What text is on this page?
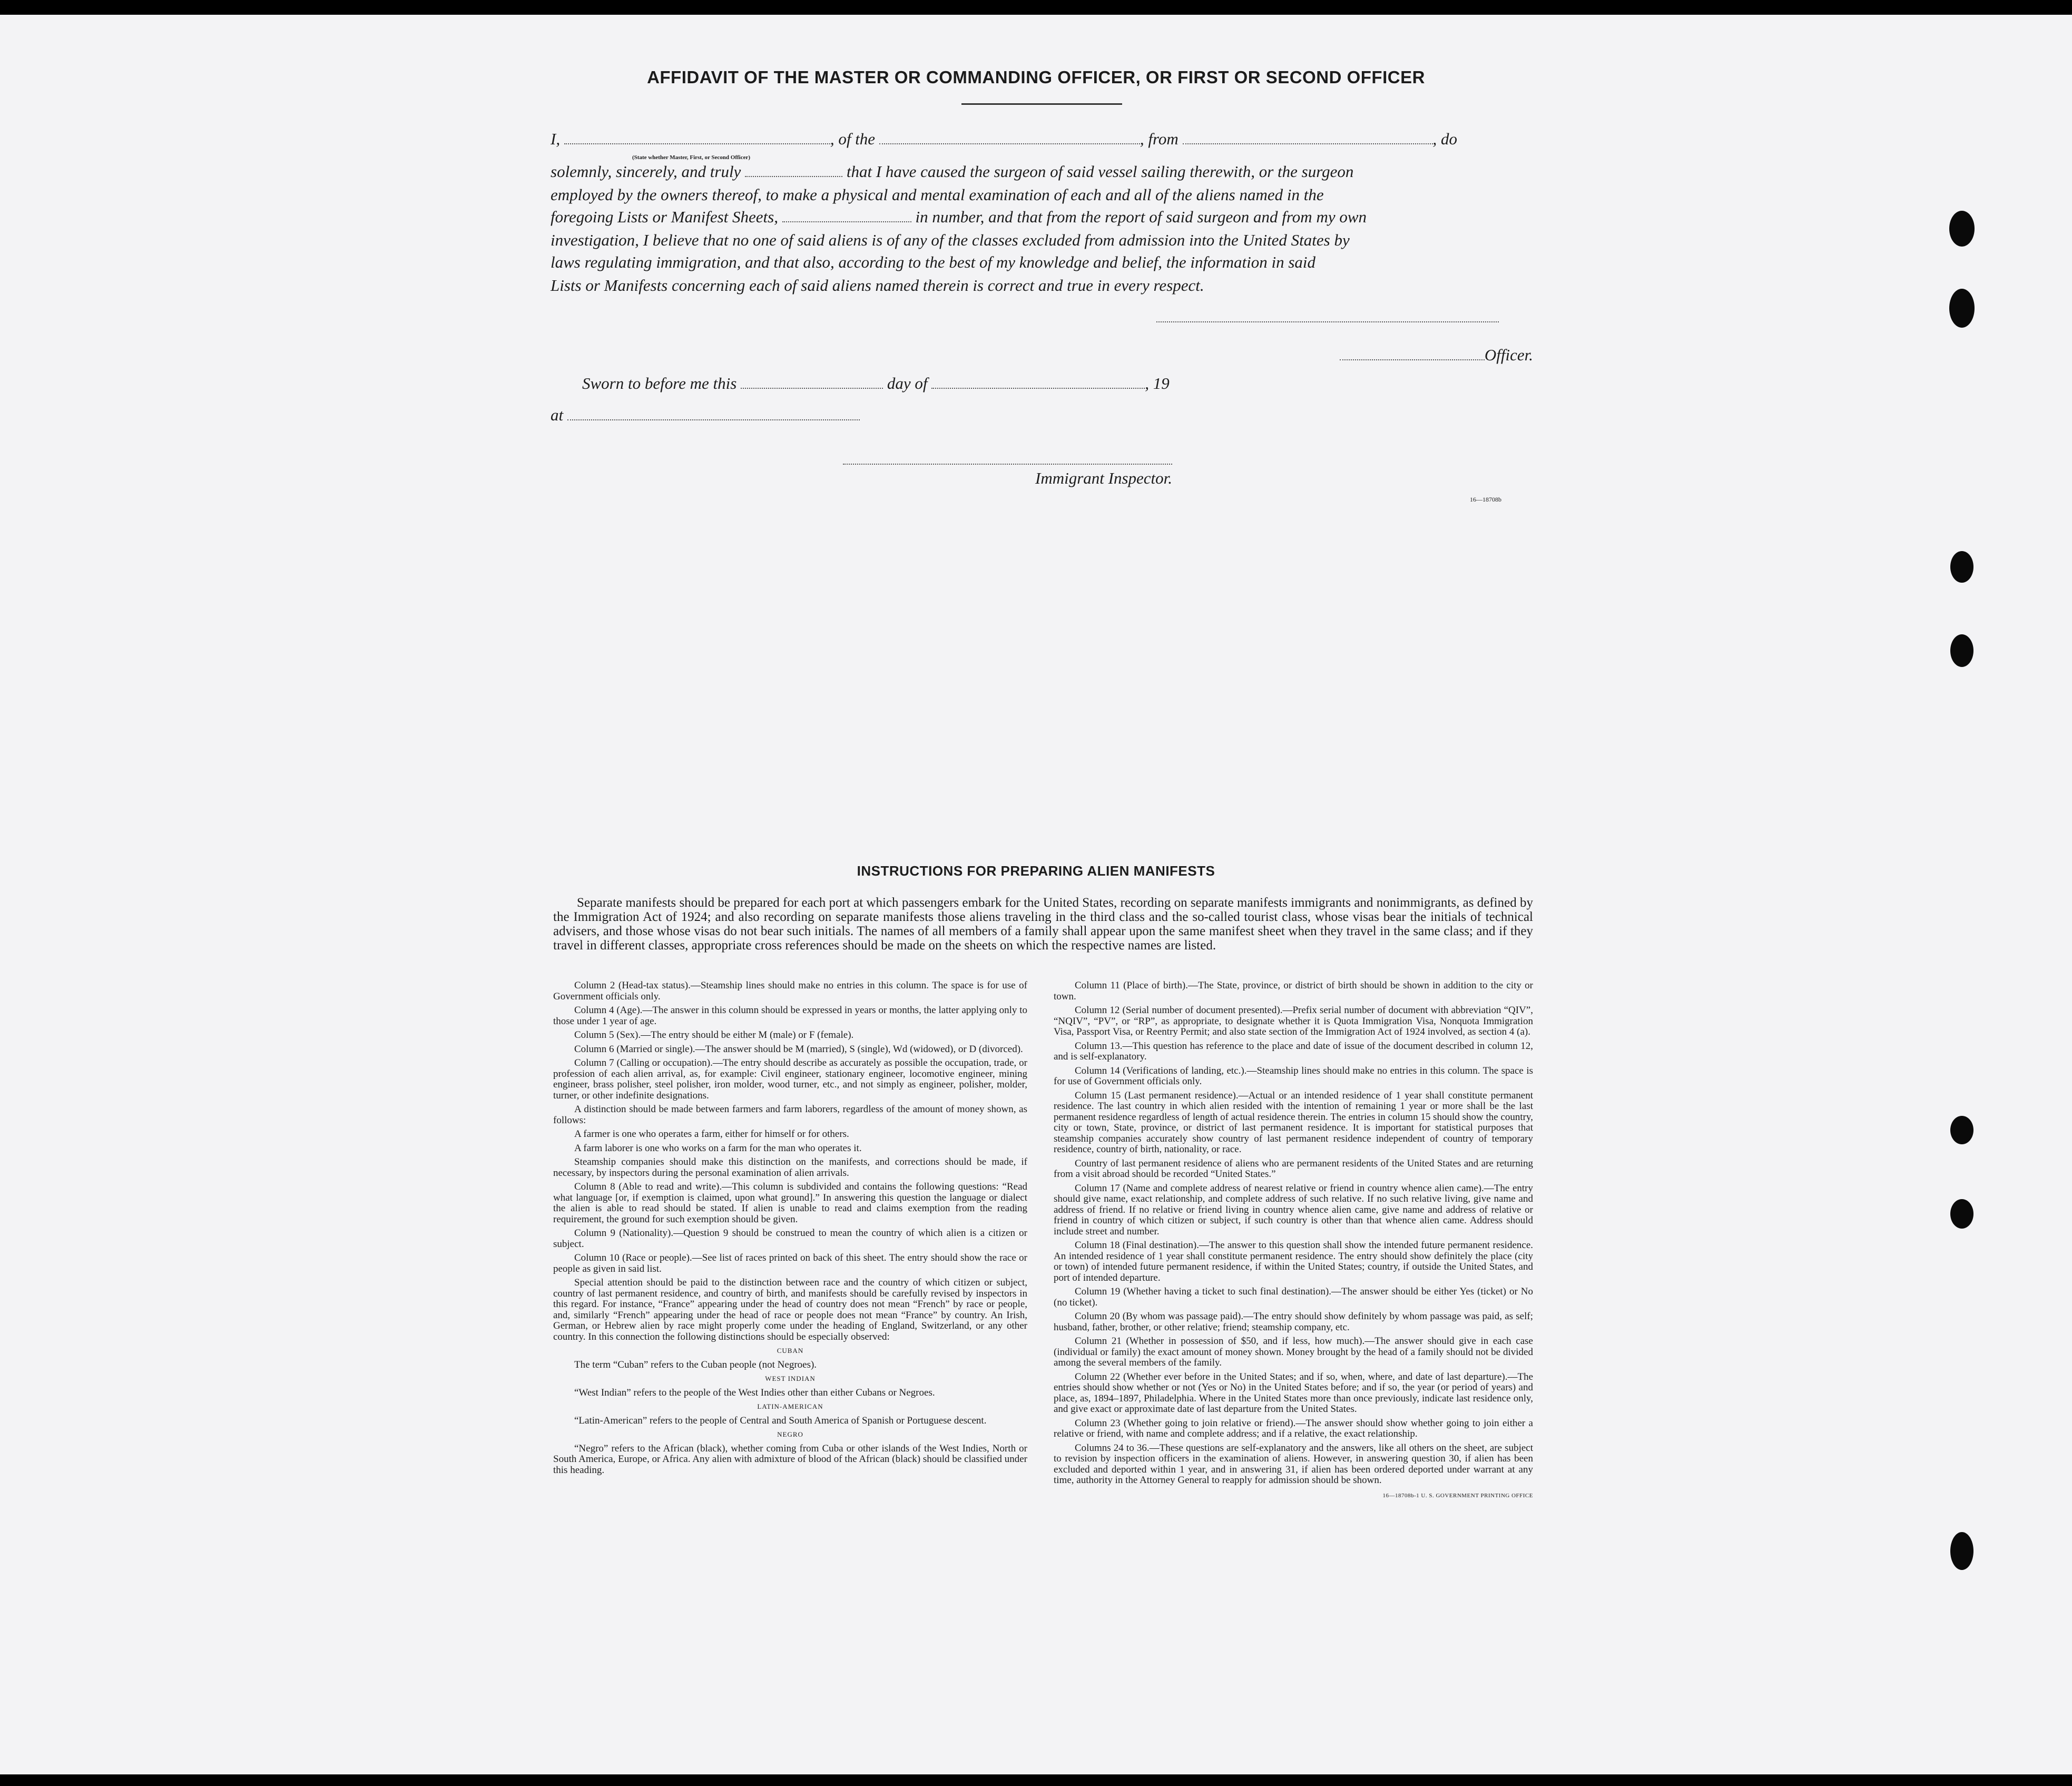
AFFIDAVIT OF THE MASTER OR COMMANDING OFFICER, OR FIRST OR SECOND OFFICER
I,	, of the	, from	, do
(State whether Master, First, or Second Officer)
solemnly, sincerely, and truly	that I have caused the surgeon of said vessel sailing therewith, or the surgeon
employed by the owners thereof, to make a physical and mental examination of each and all of the aliens named in the
foregoing Lists or Manifest Sheets,	in number, and that from the report of said surgeon and from my own
investigation, I believe that no one of said aliens is of any of the classes excluded from admission into the United States by
laws regulating immigration, and that also, according to the best of my knowledge and belief, the information in said
Lists or Manifests concerning each of said aliens named therein is correct and true in every respect.
Officer.
Sworn to before me this	day of	, 19
at
Immigrant Inspector.
16—18708b
INSTRUCTIONS FOR PREPARING ALIEN MANIFESTS
Separate manifests should be prepared for each port at which passengers embark for the United States, recording on separate manifests immigrants and nonimmigrants, as defined by the Immigration Act of 1924; and also recording on separate manifests those aliens traveling in the third class and the so-called tourist class, whose visas bear the initials of technical advisers, and those whose visas do not bear such initials. The names of all members of a family shall appear upon the same manifest sheet when they travel in the same class; and if they travel in different classes, appropriate cross references should be made on the sheets on which the respective names are listed.

Column 2 (Head-tax status).—Steamship lines should make no entries in this column. The space is for use of Government officials only.

Column 4 (Age).—The answer in this column should be expressed in years or months, the latter applying only to those under 1 year of age.

Column 5 (Sex).—The entry should be either M (male) or F (female).

Column 6 (Married or single).—The answer should be M (married), S (single), Wd (widowed), or D (divorced).

Column 7 (Calling or occupation).—The entry should describe as accurately as possible the occupation, trade, or profession of each alien arrival, as, for example: Civil engineer, stationary engineer, locomotive engineer, mining engineer, brass polisher, steel polisher, iron molder, wood turner, etc., and not simply as engineer, polisher, molder, turner, or other indefinite designations.

A distinction should be made between farmers and farm laborers, regardless of the amount of money shown, as follows:

A farmer is one who operates a farm, either for himself or for others.

A farm laborer is one who works on a farm for the man who operates it.

Steamship companies should make this distinction on the manifests, and corrections should be made, if necessary, by inspectors during the personal examination of alien arrivals.

Column 8 (Able to read and write).—This column is subdivided and contains the following questions: “Read what language [or, if exemption is claimed, upon what ground].” In answering this question the language or dialect the alien is able to read should be stated. If alien is unable to read and claims exemption from the reading requirement, the ground for such exemption should be given.

Column 9 (Nationality).—Question 9 should be construed to mean the country of which alien is a citizen or subject.

Column 10 (Race or people).—See list of races printed on back of this sheet. The entry should show the race or people as given in said list.

Special attention should be paid to the distinction between race and the country of which citizen or subject, country of last permanent residence, and country of birth, and manifests should be carefully revised by inspectors in this regard. For instance, “France” appearing under the head of country does not mean “French” by race or people, and, similarly “French” appearing under the head of race or people does not mean “France” by country. An Irish, German, or Hebrew alien by race might properly come under the heading of England, Switzerland, or any other country. In this connection the following distinctions should be especially observed:

CUBAN

The term “Cuban” refers to the Cuban people (not Negroes).

WEST INDIAN

“West Indian” refers to the people of the West Indies other than either Cubans or Negroes.

LATIN-AMERICAN

“Latin-American” refers to the people of Central and South America of Spanish or Portuguese descent.

NEGRO

“Negro” refers to the African (black), whether coming from Cuba or other islands of the West Indies, North or South America, Europe, or Africa. Any alien with admixture of blood of the African (black) should be classified under this heading.

Column 11 (Place of birth).—The State, province, or district of birth should be shown in addition to the city or town.

Column 12 (Serial number of document presented).—Prefix serial number of document with abbreviation “QIV”, “NQIV”, “PV”, or “RP”, as appropriate, to designate whether it is Quota Immigration Visa, Nonquota Immigration Visa, Passport Visa, or Reentry Permit; and also state section of the Immigration Act of 1924 involved, as section 4 (a).

Column 13.—This question has reference to the place and date of issue of the document described in column 12, and is self-explanatory.

Column 14 (Verifications of landing, etc.).—Steamship lines should make no entries in this column. The space is for use of Government officials only.

Column 15 (Last permanent residence).—Actual or an intended residence of 1 year shall constitute permanent residence. The last country in which alien resided with the intention of remaining 1 year or more shall be the last permanent residence regardless of length of actual residence therein. The entries in column 15 should show the country, city or town, State, province, or district of last permanent residence. It is important for statistical purposes that steamship companies accurately show country of last permanent residence independent of country of temporary residence, country of birth, nationality, or race.

Country of last permanent residence of aliens who are permanent residents of the United States and are returning from a visit abroad should be recorded “United States.”

Column 17 (Name and complete address of nearest relative or friend in country whence alien came).—The entry should give name, exact relationship, and complete address of such relative. If no such relative living, give name and address of friend. If no relative or friend living in country whence alien came, give name and address of relative or friend in country of which citizen or subject, if such country is other than that whence alien came. Address should include street and number.

Column 18 (Final destination).—The answer to this question shall show the intended future permanent residence. An intended residence of 1 year shall constitute permanent residence. The entry should show definitely the place (city or town) of intended future permanent residence, if within the United States; country, if outside the United States, and port of intended departure.

Column 19 (Whether having a ticket to such final destination).—The answer should be either Yes (ticket) or No (no ticket).

Column 20 (By whom was passage paid).—The entry should show definitely by whom passage was paid, as self; husband, father, brother, or other relative; friend; steamship company, etc.

Column 21 (Whether in possession of $50, and if less, how much).—The answer should give in each case (individual or family) the exact amount of money shown. Money brought by the head of a family should not be divided among the several members of the family.

Column 22 (Whether ever before in the United States; and if so, when, where, and date of last departure).—The entries should show whether or not (Yes or No) in the United States before; and if so, the year (or period of years) and place, as, 1894–1897, Philadelphia. Where in the United States more than once previously, indicate last residence only, and give exact or approximate date of last departure from the United States.

Column 23 (Whether going to join relative or friend).—The answer should show whether going to join either a relative or friend, with name and complete address; and if a relative, the exact relationship.

Columns 24 to 36.—These questions are self-explanatory and the answers, like all others on the sheet, are subject to revision by inspection officers in the examination of aliens. However, in answering question 30, if alien has been excluded and deported within 1 year, and in answering 31, if alien has been ordered deported under warrant at any time, authority in the Attorney General to reapply for admission should be shown.

16—18708b-1 U. S. GOVERNMENT PRINTING OFFICE
